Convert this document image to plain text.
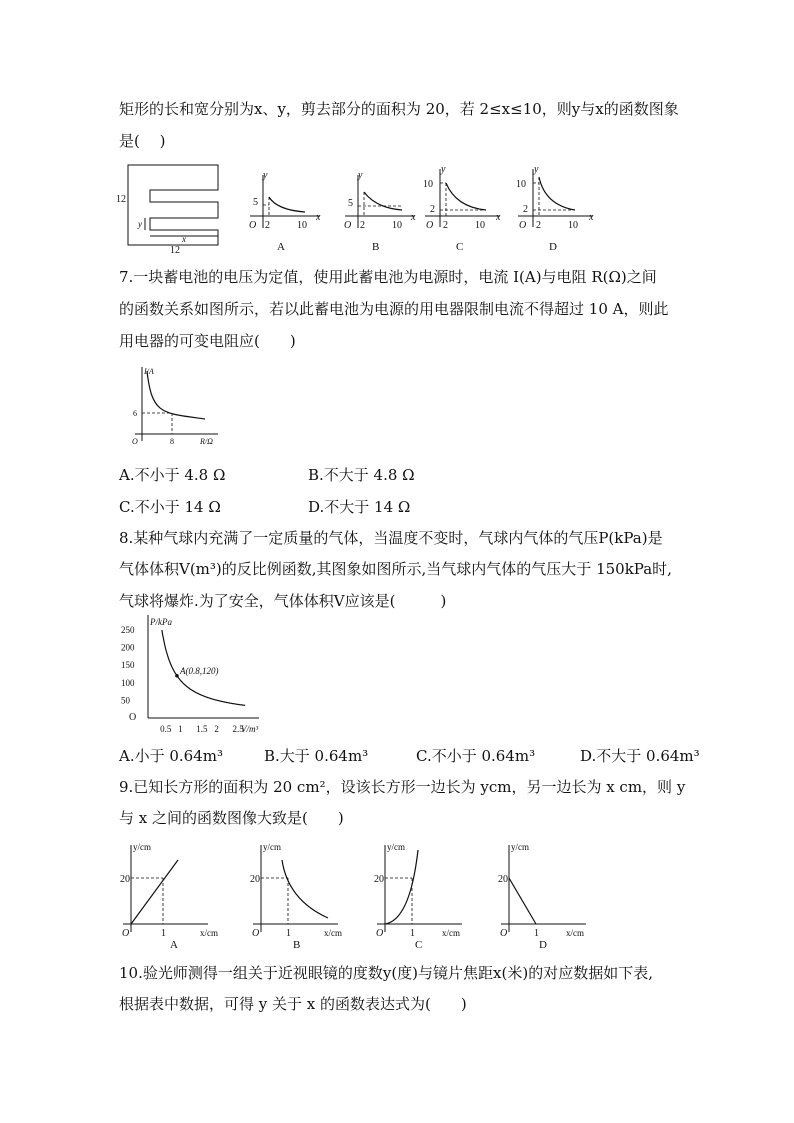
矩形的长和宽分别为x、y，剪去部分的面积为 20，若 2≤x≤10，则y与x的函数图象
是(　 )
12
y
x
12
y
x
O
5
2	10
A
y
x
O
5
2	10
B
y
x
O
10
2
2	10
C
y
x
O
10
2
2	10
D
7.一块蓄电池的电压为定值，使用此蓄电池为电源时，电流 I(A)与电阻 R(Ω)之间
的函数关系如图所示，若以此蓄电池为电源的用电器限制电流不得超过 10 A，则此
用电器的可变电阻应(　　)
I/A
R/Ω
6
8
O
A.不小于 4.8 Ω	B.不大于 4.8 Ω
C.不小于 14 Ω	D.不大于 14 Ω
8.某种气球内充满了一定质量的气体，当温度不变时，气球内气体的气压P(kPa)是
气体体积V(m³)的反比例函数,其图象如图所示,当气球内气体的气压大于 150kPa时,
气球将爆炸.为了安全，气体体积V应该是(　　　)
A(0.8,120)
P/kPa
V/m³
O
250
200
150
100
50
0.5 1 1.5 2 2.5
A.小于 0.64m³	B.大于 0.64m³	C.不小于 0.64m³	D.不大于 0.64m³
9.已知长方形的面积为 20 cm²，设该长方形一边长为 ycm，另一边长为 x cm，则 y
与 x 之间的函数图像大致是(　　)
y/cm
x/cm
20
1
O
A
y/cm
x/cm
20
1
O
B
y/cm
x/cm
20
1
O
C
y/cm
x/cm
20
1
O
D
10.验光师测得一组关于近视眼镜的度数y(度)与镜片焦距x(米)的对应数据如下表,
根据表中数据，可得 y 关于 x 的函数表达式为(　　)
